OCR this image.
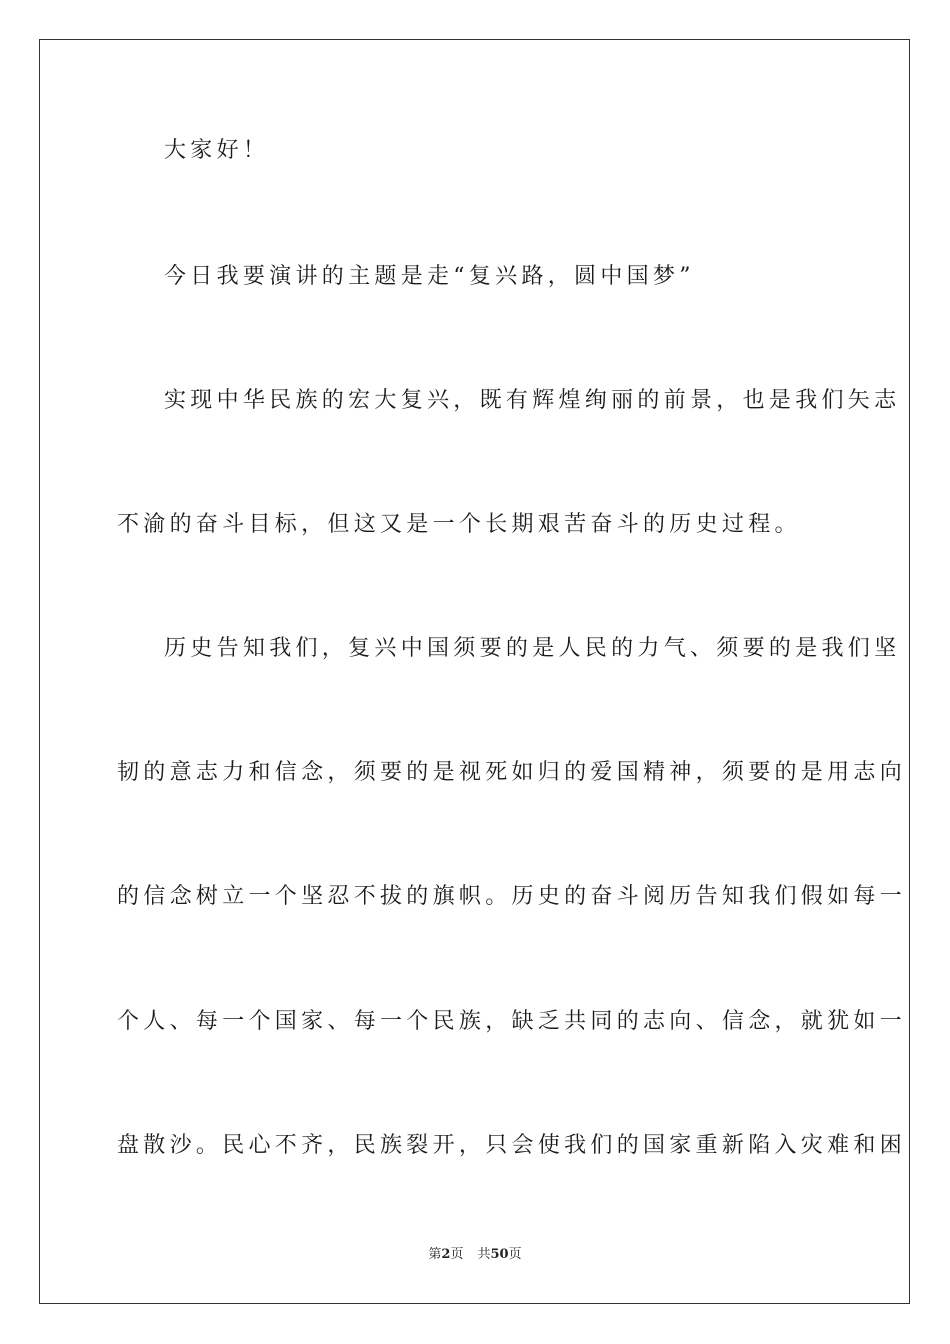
大家好！

今日我要演讲的主题是走“复兴路，圆中国梦”

实现中华民族的宏大复兴，既有辉煌绚丽的前景，也是我们矢志

不渝的奋斗目标，但这又是一个长期艰苦奋斗的历史过程。

历史告知我们，复兴中国须要的是人民的力气、须要的是我们坚

韧的意志力和信念，须要的是视死如归的爱国精神，须要的是用志向

的信念树立一个坚忍不拔的旗帜。历史的奋斗阅历告知我们假如每一

个人、每一个国家、每一个民族，缺乏共同的志向、信念，就犹如一

盘散沙。民心不齐，民族裂开，只会使我们的国家重新陷入灾难和困

第2页 共50页
